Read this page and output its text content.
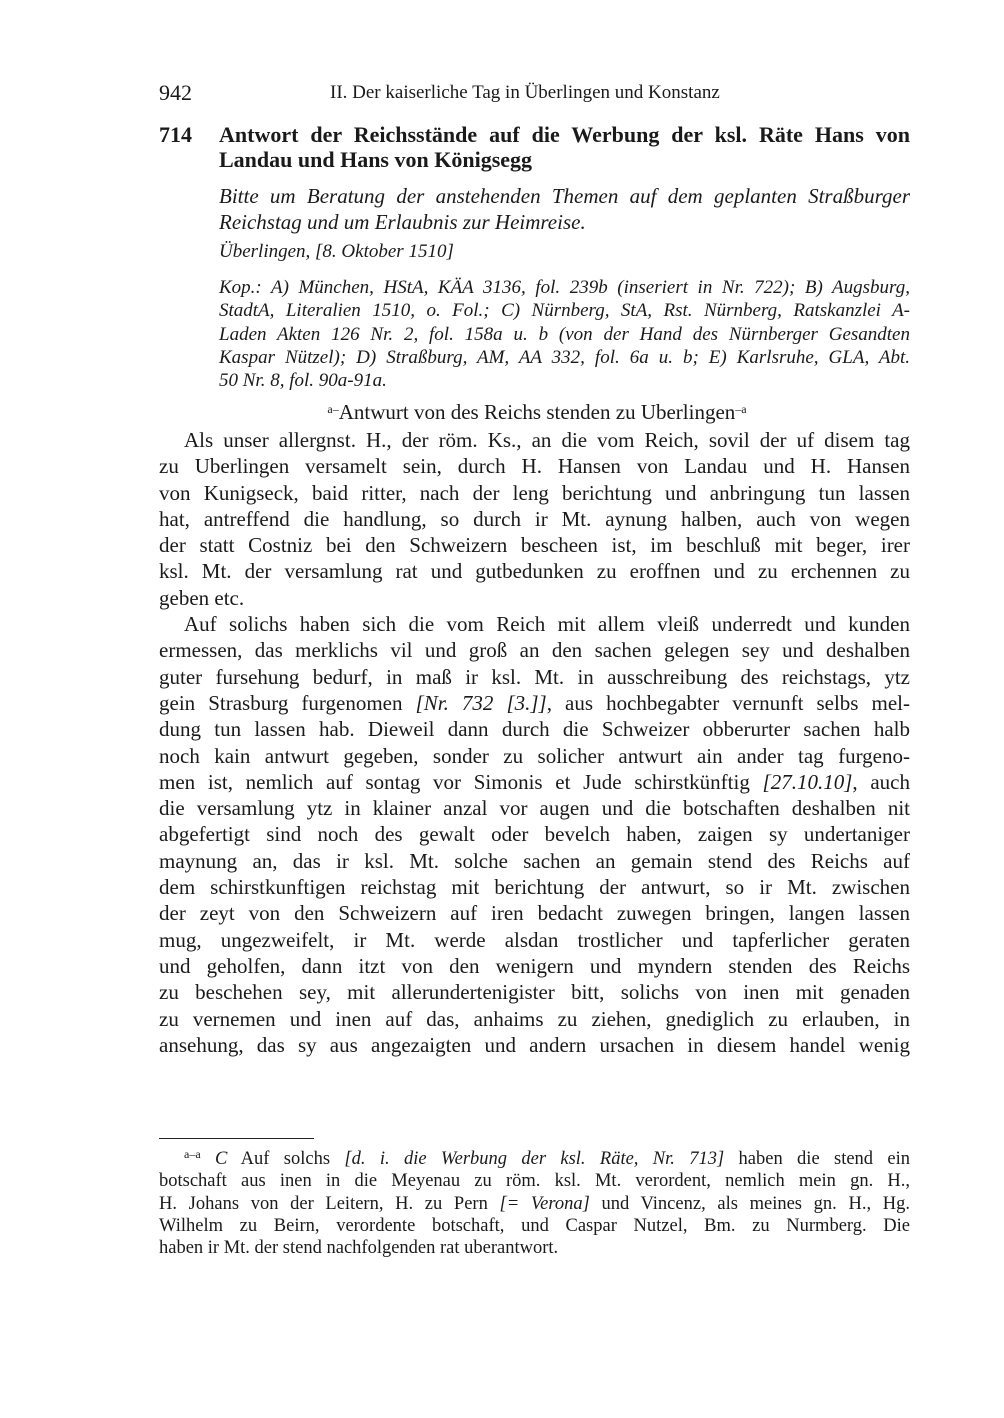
942	II. Der kaiserliche Tag in Überlingen und Konstanz
714 Antwort der Reichsstände auf die Werbung der ksl. Räte Hans von
Landau und Hans von Königsegg
Bitte um Beratung der anstehenden Themen auf dem geplanten Straßburger
Reichstag und um Erlaubnis zur Heimreise.
Überlingen, [8. Oktober 1510]
Kop.: A) München, HStA, KÄA 3136, fol. 239b (inseriert in Nr. 722); B) Augsburg,
StadtA, Literalien 1510, o. Fol.; C) Nürnberg, StA, Rst. Nürnberg, Ratskanzlei A-
Laden Akten 126 Nr. 2, fol. 158a u. b (von der Hand des Nürnberger Gesandten
Kaspar Nützel); D) Straßburg, AM, AA 332, fol. 6a u. b; E) Karlsruhe, GLA, Abt.
50 Nr. 8, fol. 90a-91a.
$^{a-}$Antwurt von des Reichs stenden zu Uberlingen$^{-a}$
Als unser allergnst. H., der röm. Ks., an die vom Reich, sovil der uf disem tag
zu Uberlingen versamelt sein, durch H. Hansen von Landau und H. Hansen
von Kunigseck, baid ritter, nach der leng berichtung und anbringung tun lassen
hat, antreffend die handlung, so durch ir Mt. aynung halben, auch von wegen
der statt Costniz bei den Schweizern bescheen ist, im beschluß mit beger, irer
ksl. Mt. der versamlung rat und gutbedunken zu eroffnen und zu erchennen zu
geben etc.
Auf solichs haben sich die vom Reich mit allem vleiß underredt und kunden
ermessen, das merklichs vil und groß an den sachen gelegen sey und deshalben
guter fursehung bedurf, in maß ir ksl. Mt. in ausschreibung des reichstags, ytz
gein Strasburg furgenomen [Nr. 732 [3.]], aus hochbegabter vernunft selbs mel-
dung tun lassen hab. Dieweil dann durch die Schweizer obberurter sachen halb
noch kain antwurt gegeben, sonder zu solicher antwurt ain ander tag furgeno-
men ist, nemlich auf sontag vor Simonis et Jude schirstkünftig [27.10.10], auch
die versamlung ytz in klainer anzal vor augen und die botschaften deshalben nit
abgefertigt sind noch des gewalt oder bevelch haben, zaigen sy undertaniger
maynung an, das ir ksl. Mt. solche sachen an gemain stend des Reichs auf
dem schirstkunftigen reichstag mit berichtung der antwurt, so ir Mt. zwischen
der zeyt von den Schweizern auf iren bedacht zuwegen bringen, langen lassen
mug, ungezweifelt, ir Mt. werde alsdan trostlicher und tapferlicher geraten
und geholfen, dann itzt von den wenigern und myndern stenden des Reichs
zu beschehen sey, mit allerundertenigister bitt, solichs von inen mit genaden
zu vernemen und inen auf das, anhaims zu ziehen, gnediglich zu erlauben, in
ansehung, das sy aus angezaigten und andern ursachen in diesem handel wenig
$^{a-a}$ C Auf solchs [d. i. die Werbung der ksl. Räte, Nr. 713] haben die stend ein
botschaft aus inen in die Meyenau zu röm. ksl. Mt. verordent, nemlich mein gn. H.,
H. Johans von der Leitern, H. zu Pern [= Verona] und Vincenz, als meines gn. H., Hg.
Wilhelm zu Beirn, verordente botschaft, und Caspar Nutzel, Bm. zu Nurmberg. Die
haben ir Mt. der stend nachfolgenden rat uberantwort.
